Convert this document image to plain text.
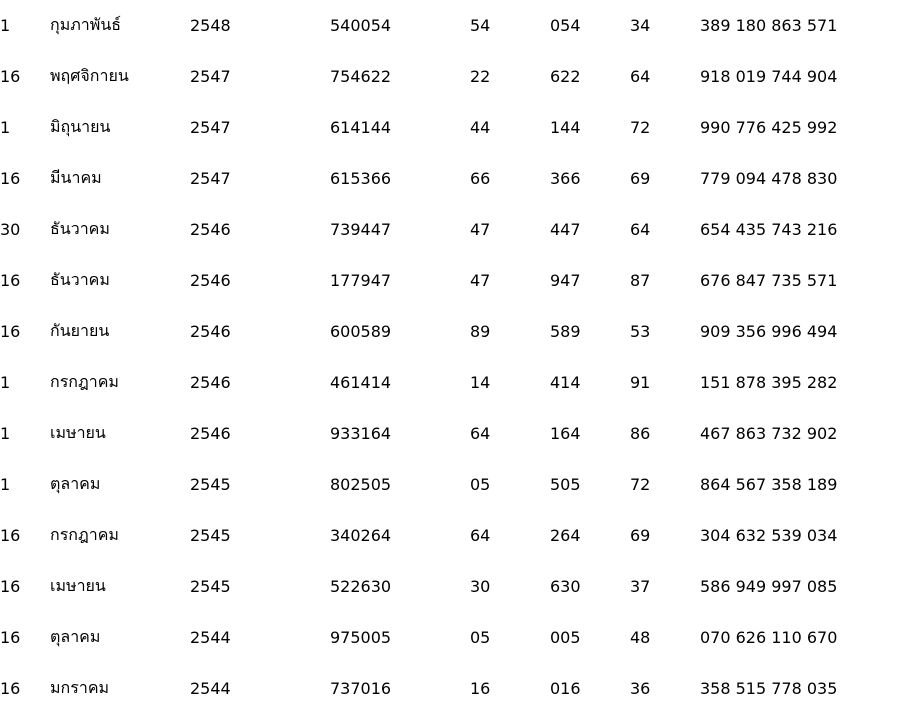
1	กุมภาพันธ์	2548	540054	54	054	34	389 180 863 571
16	พฤศจิกายน	2547	754622	22	622	64	918 019 744 904
1	มิถุนายน	2547	614144	44	144	72	990 776 425 992
16	มีนาคม	2547	615366	66	366	69	779 094 478 830
30	ธันวาคม	2546	739447	47	447	64	654 435 743 216
16	ธันวาคม	2546	177947	47	947	87	676 847 735 571
16	กันยายน	2546	600589	89	589	53	909 356 996 494
1	กรกฎาคม	2546	461414	14	414	91	151 878 395 282
1	เมษายน	2546	933164	64	164	86	467 863 732 902
1	ตุลาคม	2545	802505	05	505	72	864 567 358 189
16	กรกฎาคม	2545	340264	64	264	69	304 632 539 034
16	เมษายน	2545	522630	30	630	37	586 949 997 085
16	ตุลาคม	2544	975005	05	005	48	070 626 110 670
16	มกราคม	2544	737016	16	016	36	358 515 778 035
